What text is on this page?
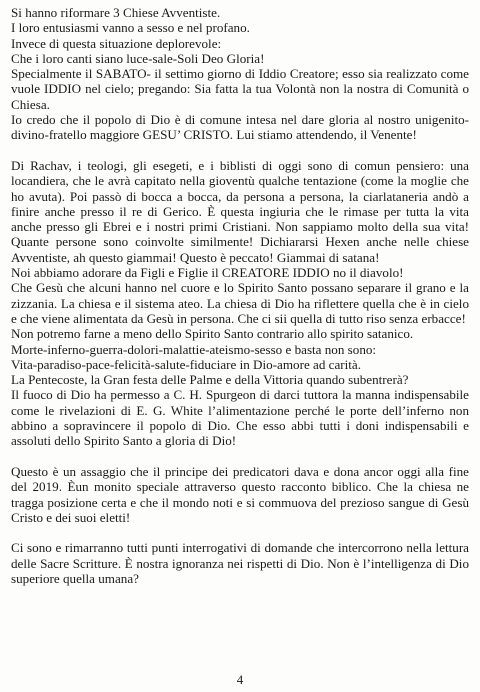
Si hanno riformare 3 Chiese Avventiste.

I loro entusiasmi vanno a sesso e nel profano.

Invece di questa situazione deplorevole:

Che i loro canti siano luce-sale-Soli Deo Gloria!

Specialmente il SABATO- il settimo giorno di Iddio Creatore; esso sia realizzato come vuole IDDIO nel cielo; pregando: Sia fatta la tua Volontà non la nostra di Comunità o Chiesa.

Io credo che il popolo di Dio è di comune intesa nel dare gloria al nostro unigenito-divino-fratello maggiore GESU’ CRISTO. Lui stiamo attendendo, il Venente!

Di Rachav, i teologi, gli esegeti, e i biblisti di oggi sono di comun pensiero: una locandiera, che le avrà capitato nella gioventù qualche tentazione (come la moglie che ho avuta). Poi passò di bocca a bocca, da persona a persona, la ciarlataneria andò a finire anche presso il re di Gerico. È questa ingiuria che le rimase per tutta la vita anche presso gli Ebrei e i nostri primi Cristiani. Non sappiamo molto della sua vita! Quante persone sono coinvolte similmente! Dichiararsi Hexen anche nelle chiese Avventiste, ah questo giammai! Questo è peccato! Giammai di satana!

Noi abbiamo adorare da Figli e Figlie il CREATORE IDDIO no il diavolo!

Che Gesù che alcuni hanno nel cuore e lo Spirito Santo possano separare il grano e la zizzania. La chiesa e il sistema ateo. La chiesa di Dio ha riflettere quella che è in cielo e che viene alimentata da Gesù in persona. Che ci sii quella di tutto riso senza erbacce!

Non potremo farne a meno dello Spirito Santo contrario allo spirito satanico.

Morte-inferno-guerra-dolori-malattie-ateismo-sesso e basta non sono:

Vita-paradiso-pace-felicità-salute-fiduciare in Dio-amore ad carità.

La Pentecoste, la Gran festa delle Palme e della Vittoria quando subentrerà?

Il fuoco di Dio ha permesso a C. H. Spurgeon di darci tuttora la manna indispensabile come le rivelazioni di E. G. White l’alimentazione perché le porte dell’inferno non abbino a sopravincere il popolo di Dio. Che esso abbi tutti i doni indispensabili e assoluti dello Spirito Santo a gloria di Dio!

Questo è un assaggio che il principe dei predicatori dava e dona ancor oggi alla fine del 2019. Èun monito speciale attraverso questo racconto biblico. Che la chiesa ne tragga posizione certa e che il mondo noti e si commuova del prezioso sangue di Gesù Cristo e dei suoi eletti!

Ci sono e rimarranno tutti punti interrogativi di domande che intercorrono nella lettura delle Sacre Scritture. È nostra ignoranza nei rispetti di Dio. Non è l’intelligenza di Dio superiore quella umana?

4
